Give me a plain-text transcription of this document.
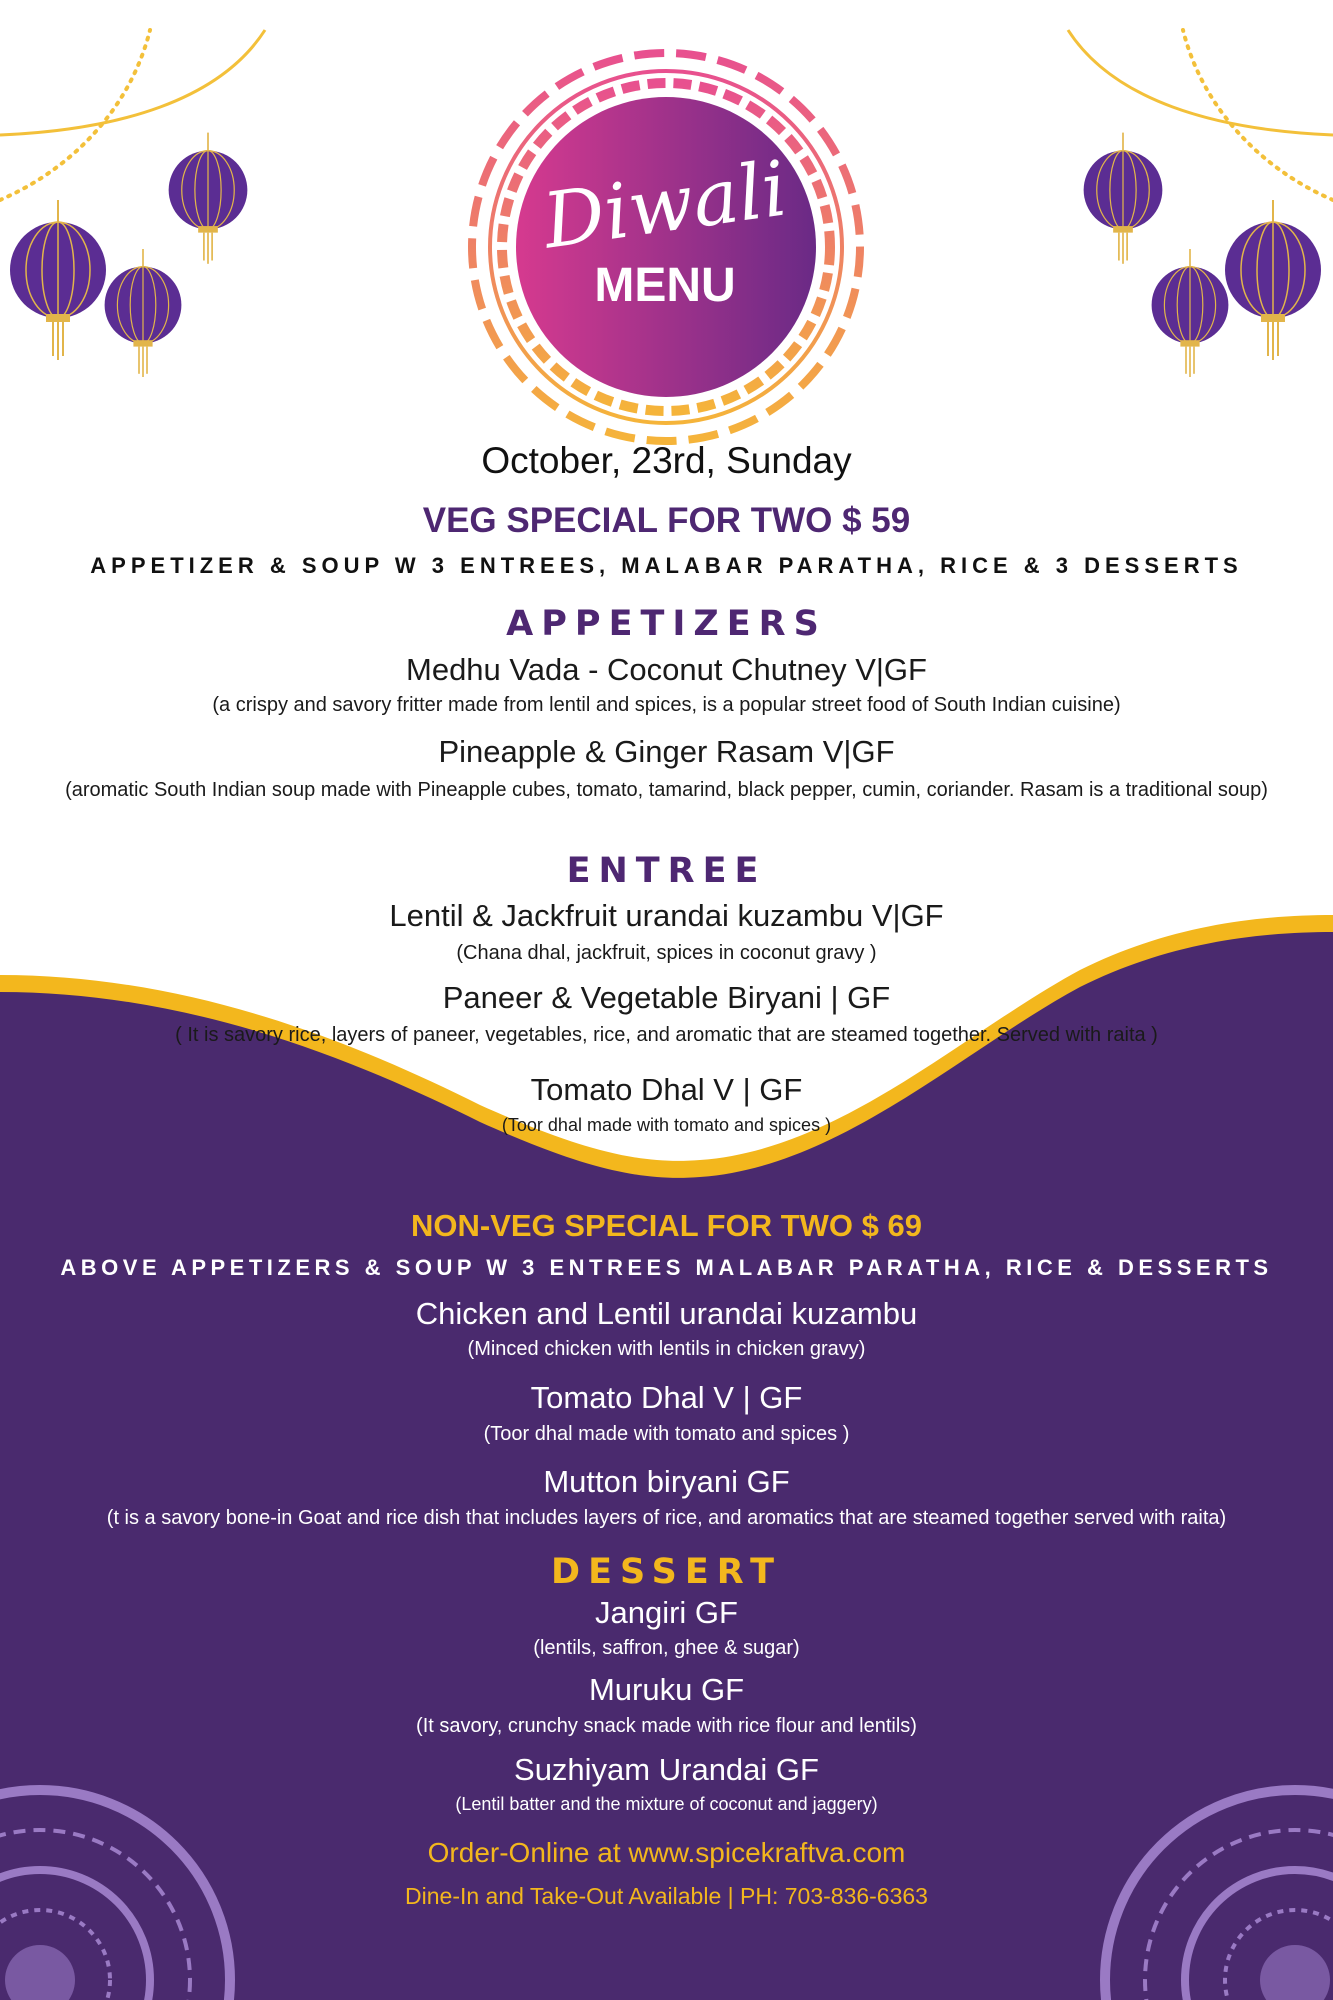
Diwali
MENU
October, 23rd, Sunday
VEG SPECIAL FOR TWO $ 59
APPETIZER & SOUP W 3 ENTREES, MALABAR PARATHA, RICE & 3 DESSERTS
APPETIZERS
Medhu Vada - Coconut Chutney V|GF
(a crispy and savory fritter made from lentil and spices, is a popular street food of South Indian cuisine)
Pineapple & Ginger Rasam V|GF
(aromatic South Indian soup made with Pineapple cubes, tomato, tamarind, black pepper, cumin, coriander. Rasam is a traditional soup)
ENTREE
Lentil & Jackfruit urandai kuzambu V|GF
(Chana dhal, jackfruit, spices in coconut gravy )
Paneer & Vegetable Biryani | GF
( It is savory rice, layers of paneer, vegetables, rice, and aromatic that are steamed together. Served with raita )
Tomato Dhal V | GF
(Toor dhal made with tomato and spices )
NON-VEG SPECIAL FOR TWO $ 69
ABOVE APPETIZERS & SOUP W 3 ENTREES MALABAR PARATHA, RICE & DESSERTS
Chicken and Lentil urandai kuzambu
(Minced chicken with lentils in chicken gravy)
Tomato Dhal V | GF
(Toor dhal made with tomato and spices )
Mutton biryani GF
(t is a savory bone-in Goat and rice dish that includes layers of rice, and aromatics that are steamed together served with raita)
DESSERT
Jangiri GF
(lentils, saffron, ghee & sugar)
Muruku GF
(It savory, crunchy snack made with rice flour and lentils)
Suzhiyam Urandai GF
(Lentil batter and the mixture of coconut and jaggery)
Order-Online at www.spicekraftva.com
Dine-In and Take-Out Available | PH: 703-836-6363
